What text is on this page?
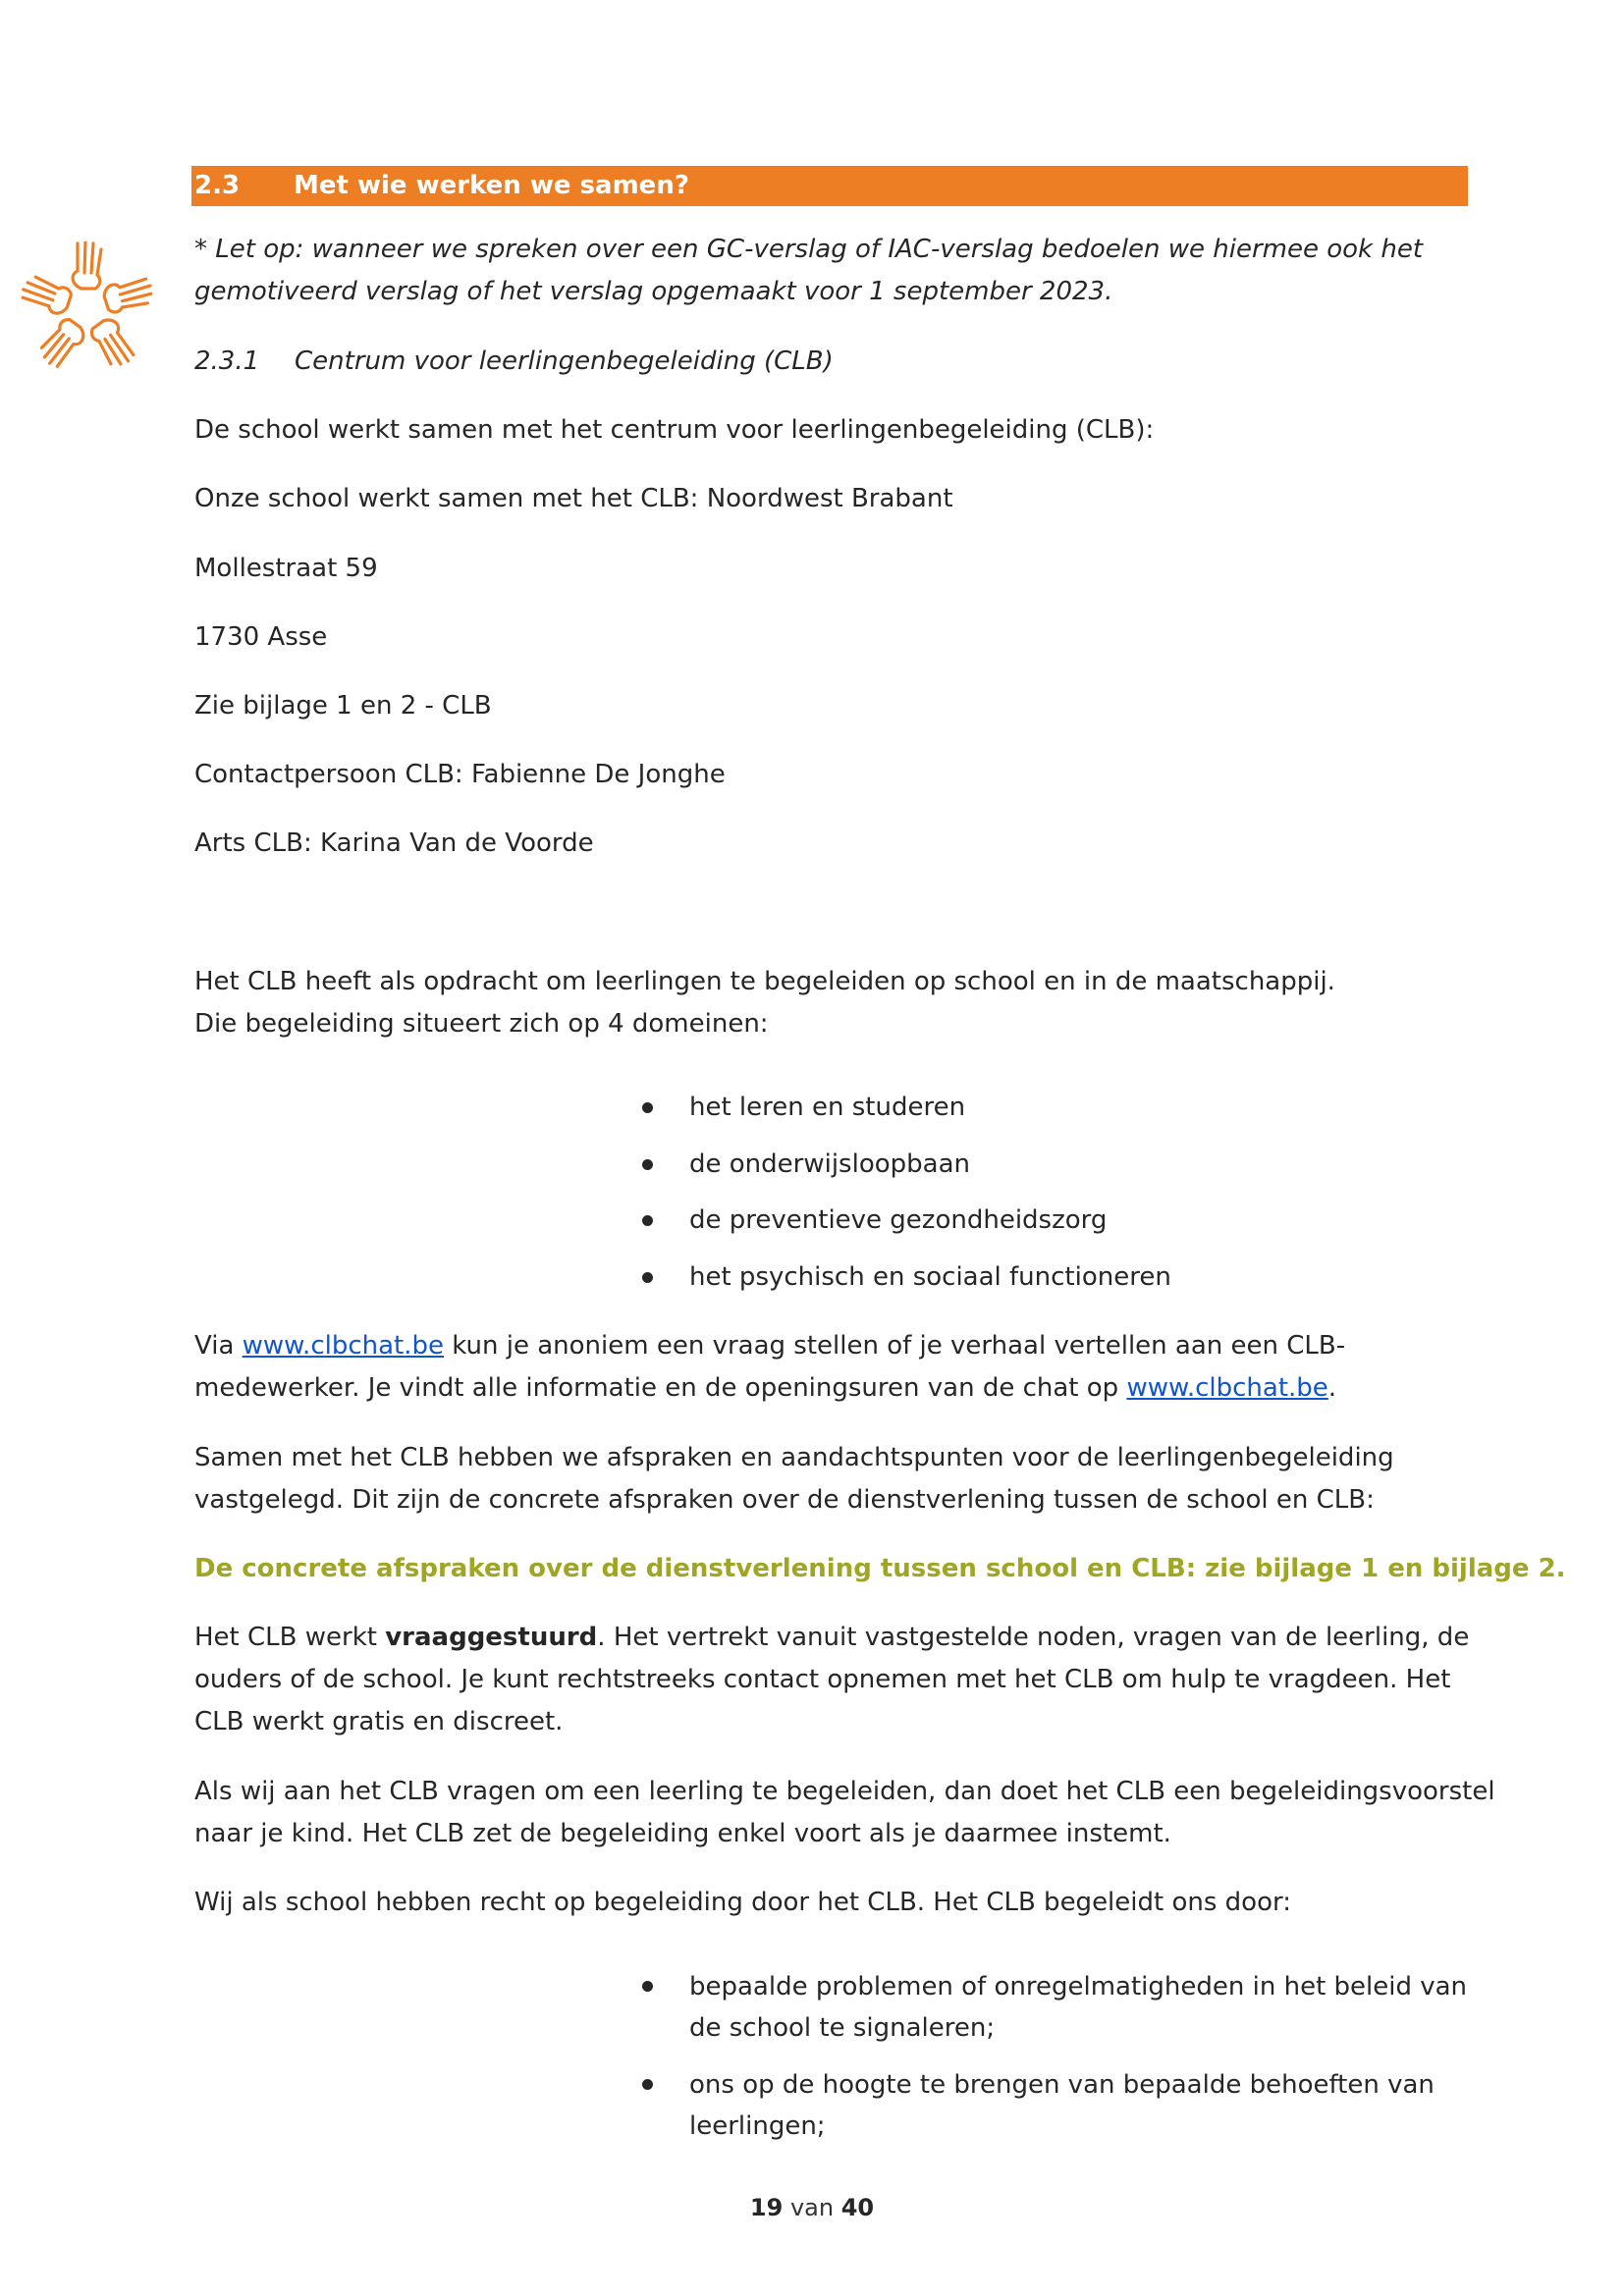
2.3 Met wie werken we samen?

* Let op: wanneer we spreken over een GC-verslag of IAC-verslag bedoelen we hiermee ook het
gemotiveerd verslag of het verslag opgemaakt voor 1 september 2023.

2.3.1 Centrum voor leerlingenbegeleiding (CLB)

De school werkt samen met het centrum voor leerlingenbegeleiding (CLB):

Onze school werkt samen met het CLB: Noordwest Brabant

Mollestraat 59

1730 Asse

Zie bijlage 1 en 2 - CLB

Contactpersoon CLB: Fabienne De Jonghe

Arts CLB: Karina Van de Voorde

Het CLB heeft als opdracht om leerlingen te begeleiden op school en in de maatschappij.
Die begeleiding situeert zich op 4 domeinen:

het leren en studeren
de onderwijsloopbaan
de preventieve gezondheidszorg
het psychisch en sociaal functioneren

Via www.clbchat.be kun je anoniem een vraag stellen of je verhaal vertellen aan een CLB-
medewerker. Je vindt alle informatie en de openingsuren van de chat op www.clbchat.be.

Samen met het CLB hebben we afspraken en aandachtspunten voor de leerlingenbegeleiding
vastgelegd. Dit zijn de concrete afspraken over de dienstverlening tussen de school en CLB:

De concrete afspraken over de dienstverlening tussen school en CLB: zie bijlage 1 en bijlage 2.

Het CLB werkt vraaggestuurd. Het vertrekt vanuit vastgestelde noden, vragen van de leerling, de
ouders of de school. Je kunt rechtstreeks contact opnemen met het CLB om hulp te vragdeen. Het
CLB werkt gratis en discreet.

Als wij aan het CLB vragen om een leerling te begeleiden, dan doet het CLB een begeleidingsvoorstel
naar je kind. Het CLB zet de begeleiding enkel voort als je daarmee instemt.

Wij als school hebben recht op begeleiding door het CLB. Het CLB begeleidt ons door:

bepaalde problemen of onregelmatigheden in het beleid van
de school te signaleren;
ons op de hoogte te brengen van bepaalde behoeften van
leerlingen;
19 van 40
